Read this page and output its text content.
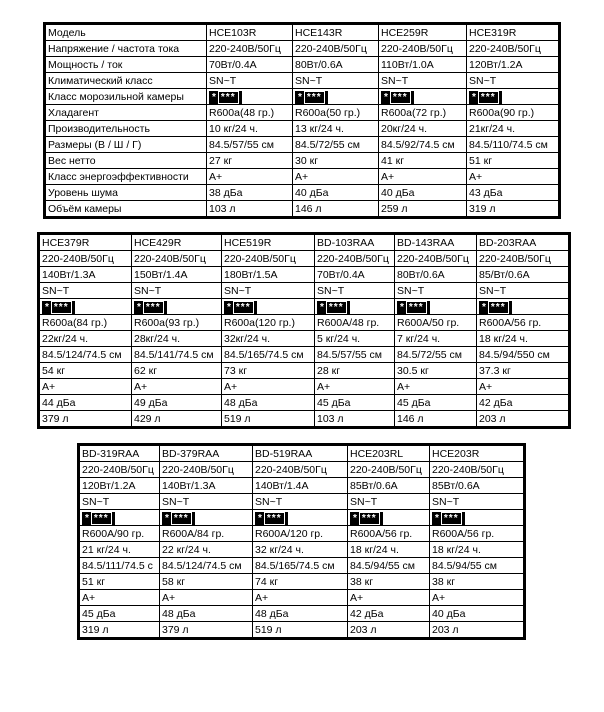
Модель	HCE103R	HCE143R	HCE259R	HCE319R
Напряжение / частота тока	220-240В/50Гц	220-240В/50Гц	220-240В/50Гц	220-240В/50Гц
Мощность / ток	70Вт/0.4А	80Вт/0.6А	110Вт/1.0А	120Вт/1.2А
Климатический класс	SN~T	SN~T	SN~T	SN~T
Класс морозильной камеры	* ***	* ***	* ***	* ***
Хладагент	R600a(48 гр.)	R600a(50 гр.)	R600a(72 гр.)	R600a(90 гр.)
Производительность	10 кг/24 ч.	13 кг/24 ч.	20кг/24 ч.	21кг/24 ч.
Размеры (В / Ш / Г)	84.5/57/55 см	84.5/72/55 см	84.5/92/74.5 см	84.5/110/74.5 см
Вес нетто	27 кг	30 кг	41 кг	51 кг
Класс энергоэффективности	A+	A+	A+	A+
Уровень шума	38 дБа	40 дБа	40 дБа	43 дБа
Объём камеры	103 л	146 л	259 л	319 л
HCE379R	HCE429R	HCE519R	BD-103RAA	BD-143RAA	BD-203RAA
220-240В/50Гц	220-240В/50Гц	220-240В/50Гц	220-240В/50Гц	220-240В/50Гц	220-240В/50Гц
140Вт/1.3А	150Вт/1.4А	180Вт/1.5А	70Вт/0.4А	80Вт/0.6А	85/Вт/0.6А
SN~T	SN~T	SN~T	SN~T	SN~T	SN~T
* ***	* ***	* ***	* ***	* ***	* ***
R600a(84 гр.)	R600a(93 гр.)	R600a(120 гр.)	R600A/48 гр.	R600A/50 гр.	R600A/56 гр.
22кг/24 ч.	28кг/24 ч.	32кг/24 ч.	5 кг/24 ч.	7 кг/24 ч.	18 кг/24 ч.
84.5/124/74.5 см	84.5/141/74.5 см	84.5/165/74.5 см	84.5/57/55 см	84.5/72/55 см	84.5/94/550 см
54 кг	62 кг	73 кг	28 кг	30.5 кг	37.3 кг
A+	A+	A+	A+	A+	A+
44 дБа	49 дБа	48 дБа	45 дБа	45 дБа	42 дБа
379 л	429 л	519 л	103 л	146 л	203 л
BD-319RAA	BD-379RAA	BD-519RAA	HCE203RL	HCE203R
220-240В/50Гц	220-240В/50Гц	220-240В/50Гц	220-240В/50Гц	220-240В/50Гц
120Вт/1.2А	140Вт/1.3А	140Вт/1.4А	85Вт/0.6А	85Вт/0.6А
SN~T	SN~T	SN~T	SN~T	SN~T
* ***	* ***	* ***	* ***	* ***
R600A/90 гр.	R600A/84 гр.	R600A/120 гр.	R600A/56 гр.	R600A/56 гр.
21 кг/24 ч.	22 кг/24 ч.	32 кг/24 ч.	18 кг/24 ч.	18 кг/24 ч.
84.5/111/74.5 с	84.5/124/74.5 см	84.5/165/74.5 см	84.5/94/55 см	84.5/94/55 см
51 кг	58 кг	74 кг	38 кг	38 кг
A+	A+	A+	A+	A+
45 дБа	48 дБа	48 дБа	42 дБа	40 дБа
319 л	379 л	519 л	203 л	203 л
